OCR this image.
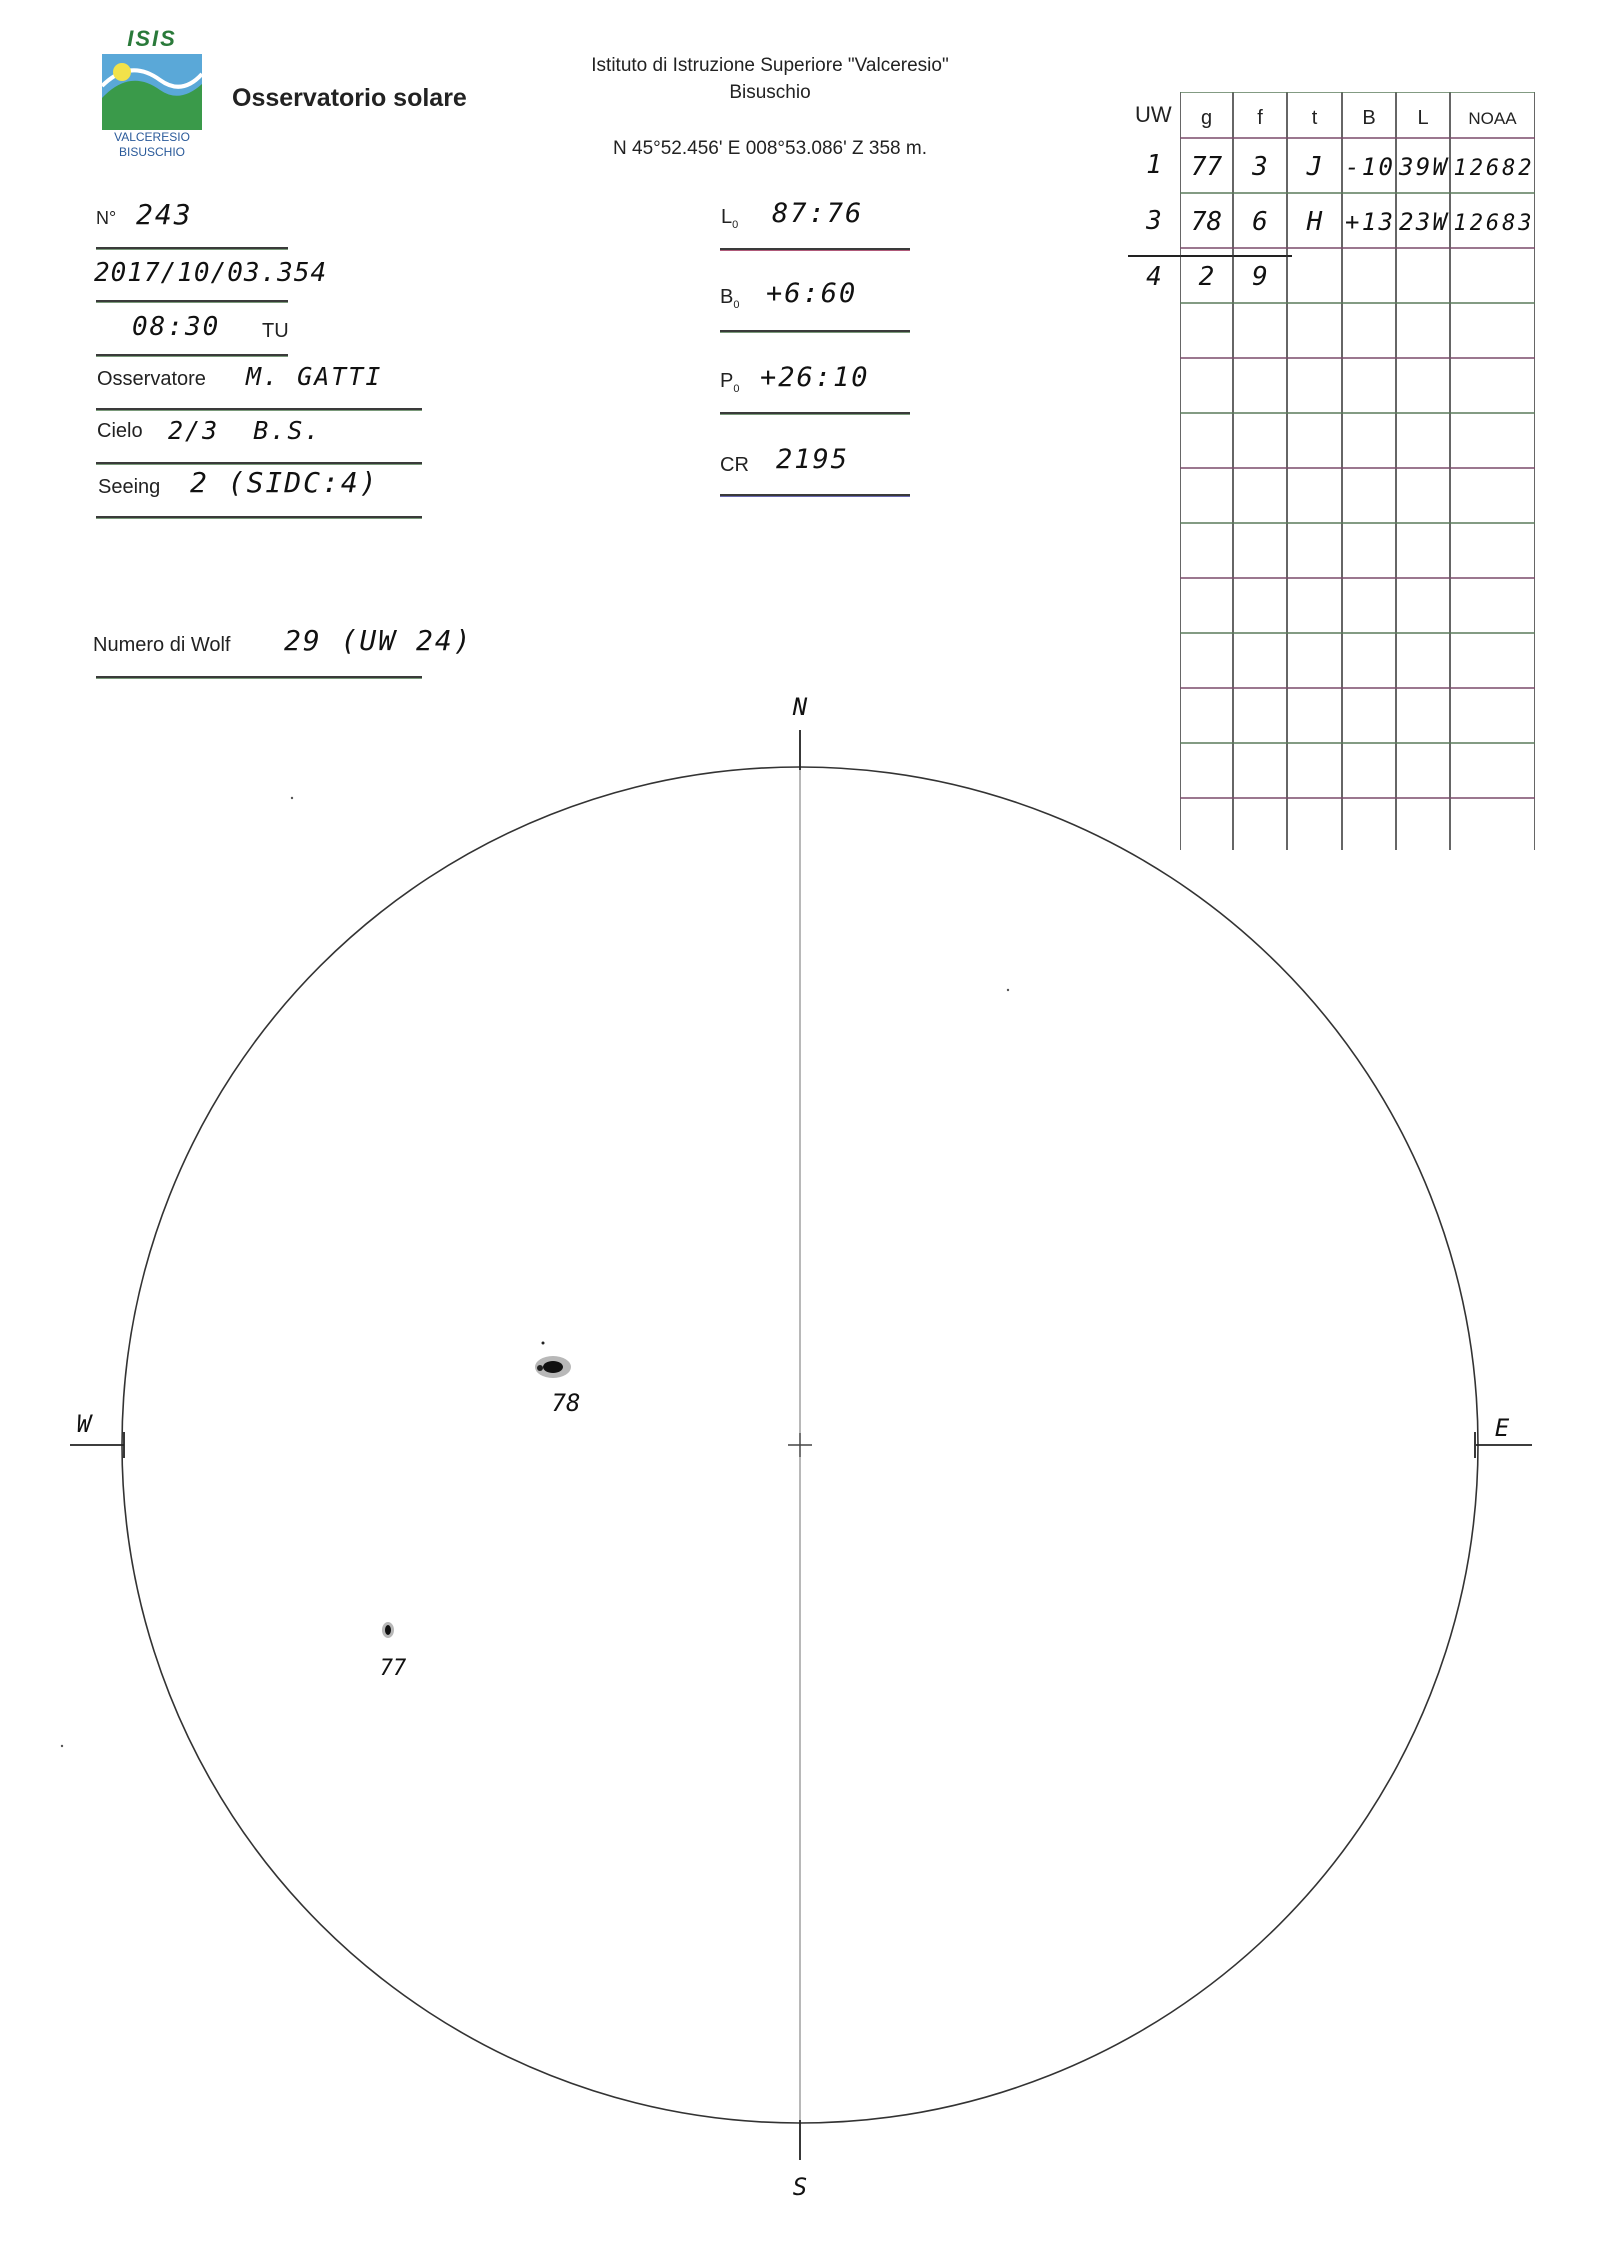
ISIS
VALCERESIO
BISUSCHIO
Osservatorio solare
Istituto di Istruzione Superiore "Valceresio"
Bisuschio
N 45°52.456' E 008°53.086' Z 358 m.
N° 243
2017/10/03.354
08:30 TU
Osservatore M. GATTI
Cielo 2/3  B.S.
Seeing 2 (SIDC:4)
Numero di Wolf 29 (UW 24)
$L_0$ 87:76
$B_0$ +6:60
$P_0$ +26:10
CR 2195
UW
1
3
4
g f t B L NOAA
77 3 J -10 39W 12682
78 6 H +13 23W 12683
2 9
N
S
W	E
78
77
